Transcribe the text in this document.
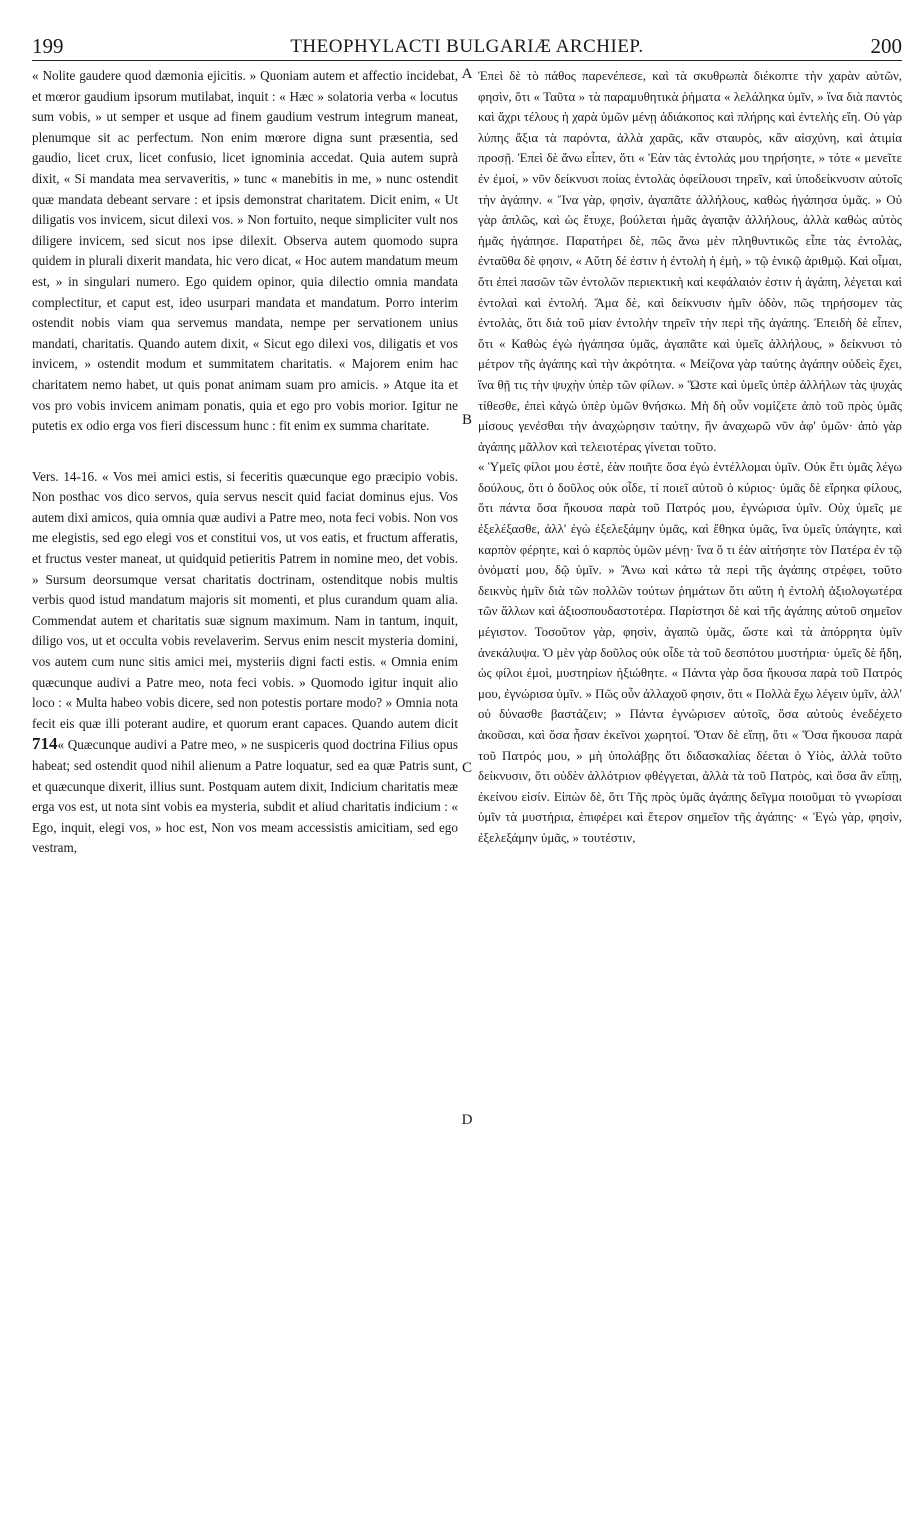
199	THEOPHYLACTI BULGARIÆ ARCHIEP.	200

« Nolite gaudere quod dæmonia ejicitis. » Quoniam autem et affectio incidebat, et mœror gaudium ipsorum mutilabat, inquit : « Hæc » solatoria verba « locutus sum vobis, » ut semper et usque ad finem gaudium vestrum integrum maneat, plenumque sit ac perfectum. Non enim mœrore digna sunt præsentia, sed gaudio, licet crux, licet confusio, licet ignominia accedat. Quia autem suprà dixit, « Si mandata mea servaveritis, » tunc « manebitis in me, » nunc ostendit quæ mandata debeant servare : et ipsis demonstrat charitatem. Dicit enim, « Ut diligatis vos invicem, sicut dilexi vos. » Non fortuito, neque simpliciter vult nos diligere invicem, sed sicut nos ipse dilexit. Observa autem quomodo supra quidem in plurali dixerit mandata, hic vero dicat, « Hoc autem mandatum meum est, » in singulari numero. Ego quidem opinor, quia dilectio omnia mandata complectitur, et caput est, ideo usurpari mandata et mandatum. Porro interim ostendit nobis viam qua servemus mandata, nempe per servationem unius mandati, charitatis. Quando autem dixit, « Sicut ego dilexi vos, diligatis et vos invicem, » ostendit modum et summitatem charitatis. « Majorem enim hac charitatem nemo habet, ut quis ponat animam suam pro amicis. » Atque ita et vos pro vobis invicem animam ponatis, quia et ego pro vobis morior. Igitur ne putetis ex odio erga vos fieri discessum hunc : fit enim ex summa charitate.

Vers. 14-16. « Vos mei amici estis, si feceritis quæcunque ego præcipio vobis. Non posthac vos dico servos, quia servus nescit quid faciat dominus ejus. Vos autem dixi amicos, quia omnia quæ audivi a Patre meo, nota feci vobis. Non vos me elegistis, sed ego elegi vos et constitui vos, ut vos eatis, et fructum afferatis, et fructus vester maneat, ut quidquid petieritis Patrem in nomine meo, det vobis. » Sursum deorsumque versat charitatis doctrinam, ostenditque nobis multis verbis quod istud mandatum majoris sit momenti, et plus curandum quam alia. Commendat autem et charitatis suæ signum maximum. Nam in tantum, inquit, diligo vos, ut et occulta vobis revelaverim. Servus enim nescit mysteria domini, vos autem cum nunc sitis amici mei, mysteriis digni facti estis. « Omnia enim quæcunque audivi a Patre meo, nota feci vobis. » Quomodo igitur inquit alio loco : « Multa habeo vobis dicere, sed non potestis portare modo? » Omnia nota fecit eis quæ illi poterant audire, et quorum erant capaces. Quando autem dicit 714« Quæcunque audivi a Patre meo, » ne suspiceris quod doctrina Filius opus habeat; sed ostendit quod nihil alienum a Patre loquatur, sed ea quæ Patris sunt, et quæcunque dixerit, illius sunt. Postquam autem dixit, Indicium charitatis meæ erga vos est, ut nota sint vobis ea mysteria, subdit et aliud charitatis indicium : « Ego, inquit, elegi vos, » hoc est, Non vos meam accessistis amicitiam, sed ego vestram,

Ἐπεὶ δὲ τὸ πάθος παρενέπεσε, καὶ τὰ σκυθρωπὰ διέκοπτε τὴν χαρὰν αὐτῶν, φησὶν, ὅτι « Ταῦτα » τὰ παραμυθητικὰ ῥήματα « λελάληκα ὑμῖν, » ἵνα διὰ παντὸς καὶ ἄχρι τέλους ἡ χαρὰ ὑμῶν μένῃ ἀδιάκοπος καὶ πλήρης καὶ ἐντελὴς εἴη. Οὐ γὰρ λύπης ἄξια τὰ παρόντα, ἀλλὰ χαρᾶς, κἂν σταυρὸς, κἂν αἰσχύνη, καὶ ἀτιμία προσῇ. Ἐπεὶ δὲ ἄνω εἶπεν, ὅτι « Ἐὰν τὰς ἐντολάς μου τηρήσητε, » τότε « μενεῖτε ἐν ἐμοί, » νῦν δείκνυσι ποίας ἐντολὰς ὀφείλουσι τηρεῖν, καὶ ὑποδείκνυσιν αὐτοῖς τὴν ἀγάπην. « Ἵνα γὰρ, φησὶν, ἀγαπᾶτε ἀλλήλους, καθὼς ἠγάπησα ὑμᾶς. » Οὐ γὰρ ἁπλῶς, καὶ ὡς ἔτυχε, βούλεται ἡμᾶς ἀγαπᾷν ἀλλήλους, ἀλλὰ καθὼς αὐτὸς ἡμᾶς ἠγάπησε. Παρατήρει δὲ, πῶς ἄνω μὲν πληθυντικῶς εἶπε τὰς ἐντολὰς, ἐνταῦθα δὲ φησιν, « Αὕτη δέ ἐστιν ἡ ἐντολὴ ἡ ἐμὴ, » τῷ ἑνικῷ ἀριθμῷ. Καὶ οἶμαι, ὅτι ἐπεὶ πασῶν τῶν ἐντολῶν περιεκτικὴ καὶ κεφάλαιόν ἐστιν ἡ ἀγάπη, λέγεται καὶ ἐντολαὶ καὶ ἐντολή. Ἅμα δὲ, καὶ δείκνυσιν ἡμῖν ὁδὸν, πῶς τηρήσομεν τὰς ἐντολὰς, ὅτι διὰ τοῦ μίαν ἐντολὴν τηρεῖν τὴν περὶ τῆς ἀγάπης. Ἐπειδὴ δὲ εἶπεν, ὅτι « Καθὼς ἐγὼ ἠγάπησα ὑμᾶς, ἀγαπᾶτε καὶ ὑμεῖς ἀλλήλους, » δείκνυσι τὸ μέτρον τῆς ἀγάπης καὶ τὴν ἀκρότητα. « Μείζονα γὰρ ταύτης ἀγάπην οὐδεὶς ἔχει, ἵνα θῇ τις τὴν ψυχὴν ὑπὲρ τῶν φίλων. » Ὥστε καὶ ὑμεῖς ὑπὲρ ἀλλήλων τὰς ψυχὰς τίθεσθε, ἐπεὶ κἀγὼ ὑπὲρ ὑμῶν θνήσκω. Μὴ δὴ οὖν νομίζετε ἀπὸ τοῦ πρὸς ὑμᾶς μίσους γενέσθαι τὴν ἀναχώρησιν ταύτην, ἣν ἀναχωρῶ νῦν ἀφ' ὑμῶν· ἀπὸ γὰρ ἀγάπης μᾶλλον καὶ τελειοτέρας γίνεται τοῦτο.

« Ὑμεῖς φίλοι μου ἐστὲ, ἐὰν ποιῆτε ὅσα ἐγὼ ἐντέλλομαι ὑμῖν. Οὐκ ἔτι ὑμᾶς λέγω δούλους, ὅτι ὁ δοῦλος οὐκ οἶδε, τί ποιεῖ αὐτοῦ ὁ κύριος· ὑμᾶς δὲ εἴρηκα φίλους, ὅτι πάντα ὅσα ἤκουσα παρὰ τοῦ Πατρός μου, ἐγνώρισα ὑμῖν. Οὐχ ὑμεῖς με ἐξελέξασθε, ἀλλ' ἐγὼ ἐξελεξάμην ὑμᾶς, καὶ ἔθηκα ὑμᾶς, ἵνα ὑμεῖς ὑπάγητε, καὶ καρπὸν φέρητε, καὶ ὁ καρπὸς ὑμῶν μένῃ· ἵνα ὅ τι ἐὰν αἰτήσητε τὸν Πατέρα ἐν τῷ ὀνόματί μου, δῷ ὑμῖν. » Ἄνω καὶ κάτω τὰ περὶ τῆς ἀγάπης στρέφει, τοῦτο δεικνὺς ἡμῖν διὰ τῶν πολλῶν τούτων ῥημάτων ὅτι αὕτη ἡ ἐντολὴ ἀξιολογωτέρα τῶν ἄλλων καὶ ἀξιοσπουδαστοτέρα. Παρίστησι δὲ καὶ τῆς ἀγάπης αὐτοῦ σημεῖον μέγιστον. Τοσοῦτον γὰρ, φησὶν, ἀγαπῶ ὑμᾶς, ὥστε καὶ τὰ ἀπόρρητα ὑμῖν ἀνεκάλυψα. Ὁ μὲν γὰρ δοῦλος οὐκ οἶδε τὰ τοῦ δεσπότου μυστήρια· ὑμεῖς δὲ ἤδη, ὡς φίλοι ἐμοὶ, μυστηρίων ἠξιώθητε. « Πάντα γὰρ ὅσα ἤκουσα παρὰ τοῦ Πατρός μου, ἐγνώρισα ὑμῖν. » Πῶς οὖν ἀλλαχοῦ φησιν, ὅτι « Πολλὰ ἔχω λέγειν ὑμῖν, ἀλλ' οὐ δύνασθε βαστάζειν; » Πάντα ἐγνώρισεν αὐτοῖς, ὅσα αὐτοὺς ἐνεδέχετο ἀκοῦσαι, καὶ ὅσα ἦσαν ἐκεῖνοι χωρητοί. Ὅταν δὲ εἴπῃ, ὅτι « Ὅσα ἤκουσα παρὰ τοῦ Πατρός μου, » μὴ ὑπολάβῃς ὅτι διδασκαλίας δέεται ὁ Υἱὸς, ἀλλὰ τοῦτο δείκνυσιν, ὅτι οὐδὲν ἀλλότριον φθέγγεται, ἀλλὰ τὰ τοῦ Πατρὸς, καὶ ὅσα ἂν εἴπῃ, ἐκείνου εἰσίν. Εἰπὼν δὲ, ὅτι Τῆς πρὸς ὑμᾶς ἀγάπης δεῖγμα ποιοῦμαι τὸ γνωρίσαι ὑμῖν τὰ μυστήρια, ἐπιφέρει καὶ ἕτερον σημεῖον τῆς ἀγάπης· « Ἐγὼ γὰρ, φησὶν, ἐξελεξάμην ὑμᾶς, » τουτέστιν,

A
B
C
D
